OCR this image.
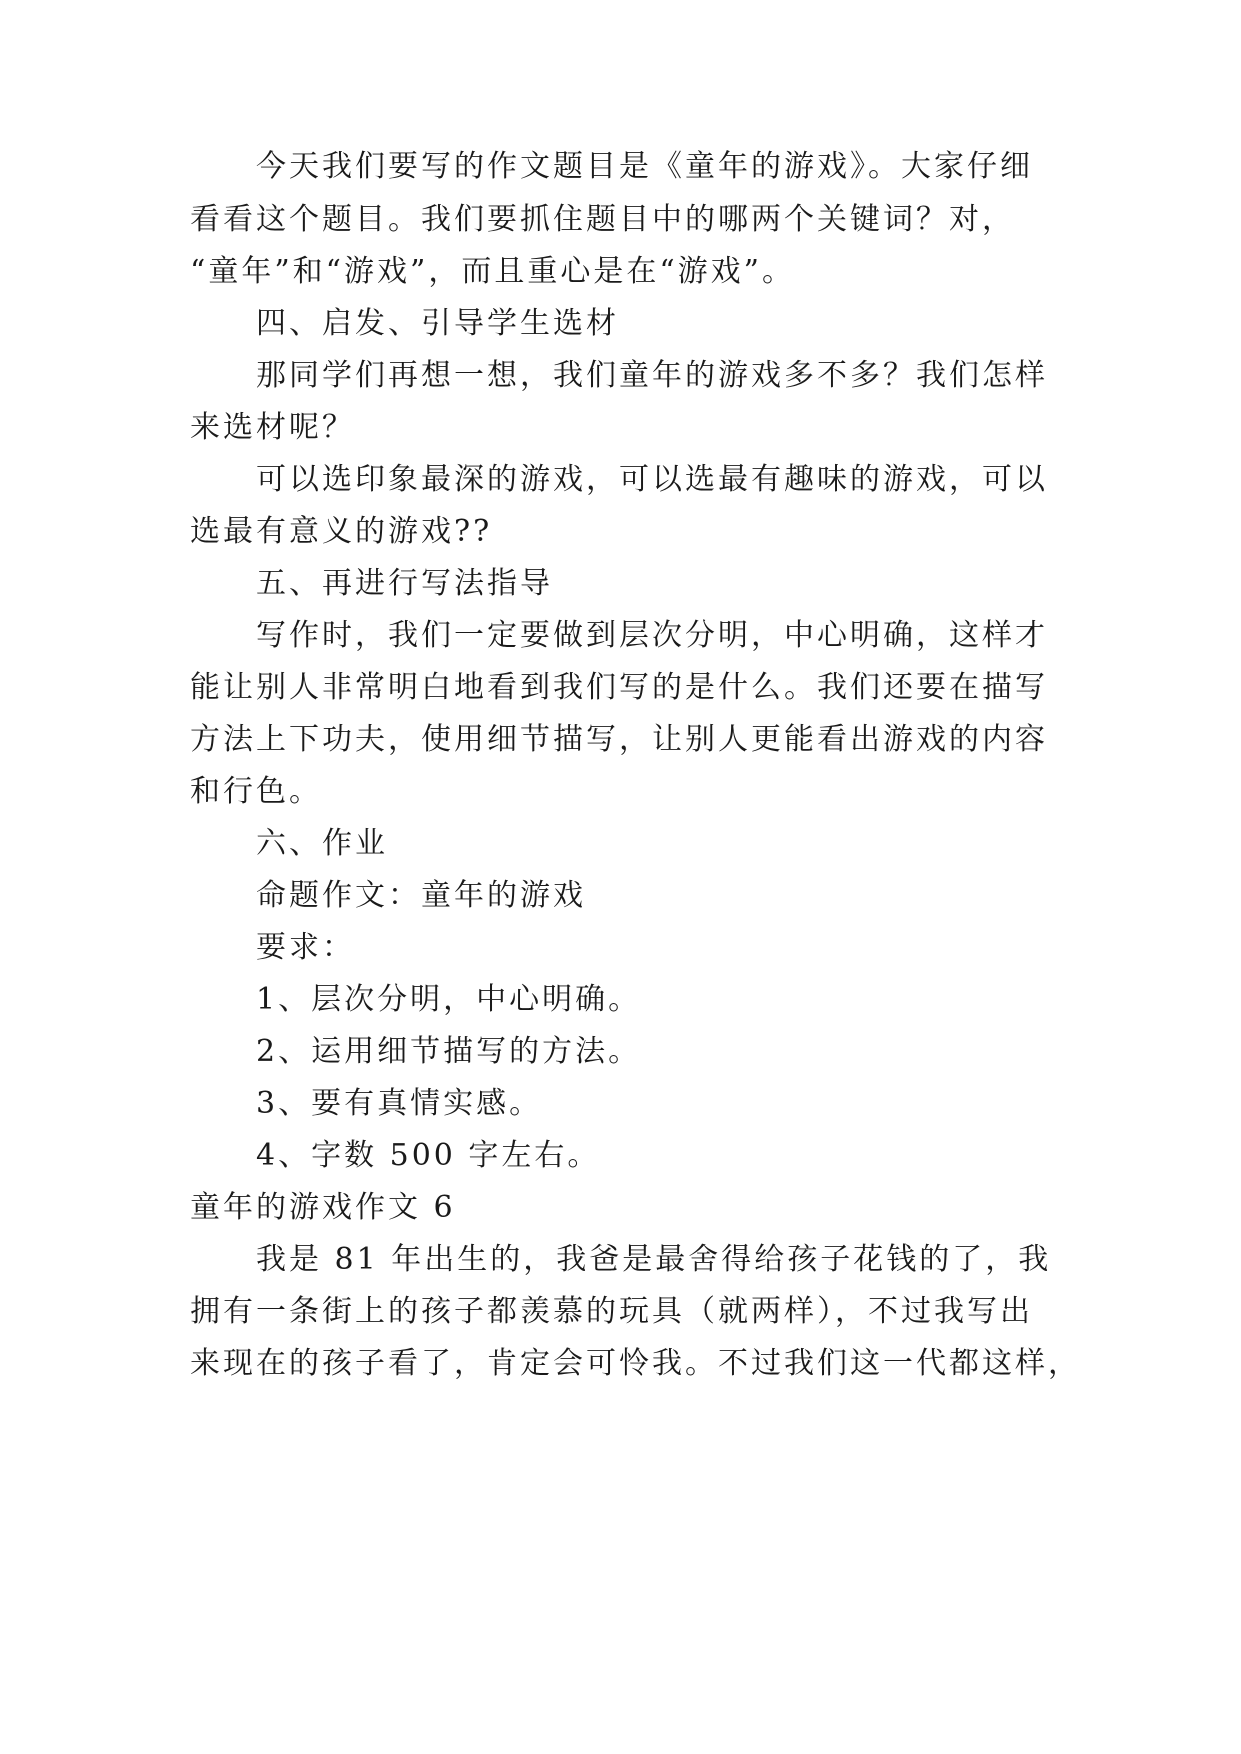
今天我们要写的作文题目是《童年的游戏》。大家仔细
看看这个题目。我们要抓住题目中的哪两个关键词？对，
“童年”和“游戏”，而且重心是在“游戏”。
四、启发、引导学生选材
那同学们再想一想，我们童年的游戏多不多？我们怎样
来选材呢？
可以选印象最深的游戏，可以选最有趣味的游戏，可以
选最有意义的游戏??
五、再进行写法指导
写作时，我们一定要做到层次分明，中心明确，这样才
能让别人非常明白地看到我们写的是什么。我们还要在描写
方法上下功夫，使用细节描写，让别人更能看出游戏的内容
和行色。
六、作业
命题作文：童年的游戏
要求：
1、层次分明，中心明确。
2、运用细节描写的方法。
3、要有真情实感。
4、字数 500 字左右。
童年的游戏作文 6
我是 81 年出生的，我爸是最舍得给孩子花钱的了，我
拥有一条街上的孩子都羡慕的玩具（就两样），不过我写出
来现在的孩子看了，肯定会可怜我。不过我们这一代都这样，
